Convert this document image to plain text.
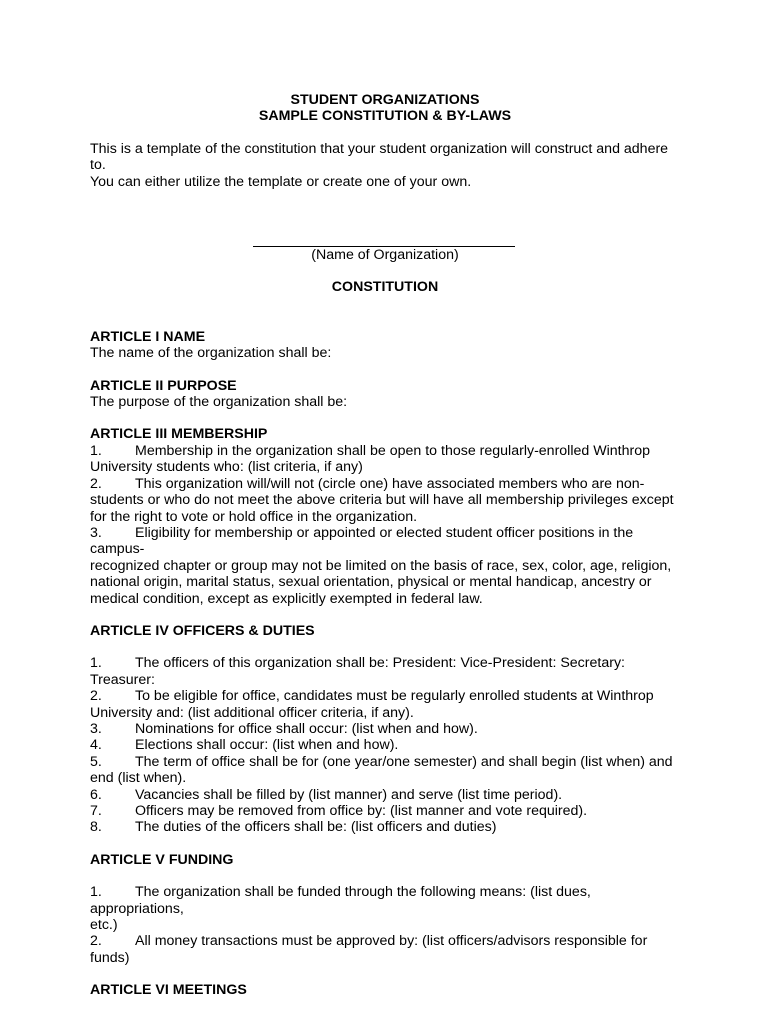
STUDENT ORGANIZATIONS
SAMPLE CONSTITUTION & BY-LAWS
This is a template of the constitution that your student organization will construct and adhere to.
You can either utilize the template or create one of your own.
(Name of Organization)
CONSTITUTION
ARTICLE I NAME
The name of the organization shall be:
ARTICLE II PURPOSE
The purpose of the organization shall be:
ARTICLE III MEMBERSHIP
1. Membership in the organization shall be open to those regularly-enrolled Winthrop
University students who: (list criteria, if any)
2. This organization will/will not (circle one) have associated members who are non-
students or who do not meet the above criteria but will have all membership privileges except
for the right to vote or hold office in the organization.
3. Eligibility for membership or appointed or elected student officer positions in the campus-
recognized chapter or group may not be limited on the basis of race, sex, color, age, religion,
national origin, marital status, sexual orientation, physical or mental handicap, ancestry or
medical condition, except as explicitly exempted in federal law.
ARTICLE IV OFFICERS & DUTIES
1. The officers of this organization shall be: President: Vice-President: Secretary:
Treasurer:
2. To be eligible for office, candidates must be regularly enrolled students at Winthrop
University and: (list additional officer criteria, if any).
3. Nominations for office shall occur: (list when and how).
4. Elections shall occur: (list when and how).
5. The term of office shall be for (one year/one semester) and shall begin (list when) and
end (list when).
6. Vacancies shall be filled by (list manner) and serve (list time period).
7. Officers may be removed from office by: (list manner and vote required).
8. The duties of the officers shall be: (list officers and duties)
ARTICLE V FUNDING
1. The organization shall be funded through the following means: (list dues, appropriations,
etc.)
2. All money transactions must be approved by: (list officers/advisors responsible for funds)
ARTICLE VI MEETINGS
